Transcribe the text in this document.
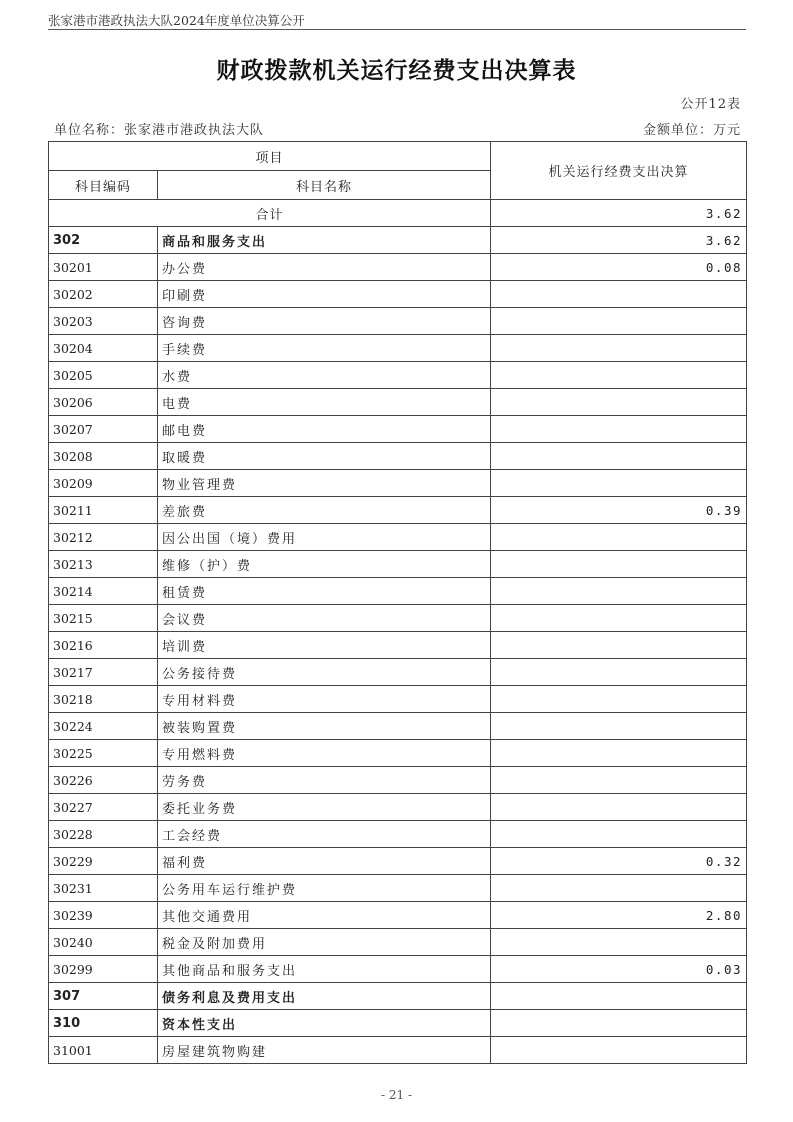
张家港市港政执法大队2024年度单位决算公开
财政拨款机关运行经费支出决算表
公开12表
单位名称：张家港市港政执法大队	金额单位：万元
项目		机关运行经费支出决算
科目编码	科目名称	
合计		3.62
302	商品和服务支出	3.62
30201	办公费	0.08
30202	印刷费	
30203	咨询费	
30204	手续费	
30205	水费	
30206	电费	
30207	邮电费	
30208	取暖费	
30209	物业管理费	
30211	差旅费	0.39
30212	因公出国（境）费用	
30213	维修（护）费	
30214	租赁费	
30215	会议费	
30216	培训费	
30217	公务接待费	
30218	专用材料费	
30224	被装购置费	
30225	专用燃料费	
30226	劳务费	
30227	委托业务费	
30228	工会经费	
30229	福利费	0.32
30231	公务用车运行维护费	
30239	其他交通费用	2.80
30240	税金及附加费用	
30299	其他商品和服务支出	0.03
307	债务利息及费用支出	
310	资本性支出	
31001	房屋建筑物购建	
- 21 -
